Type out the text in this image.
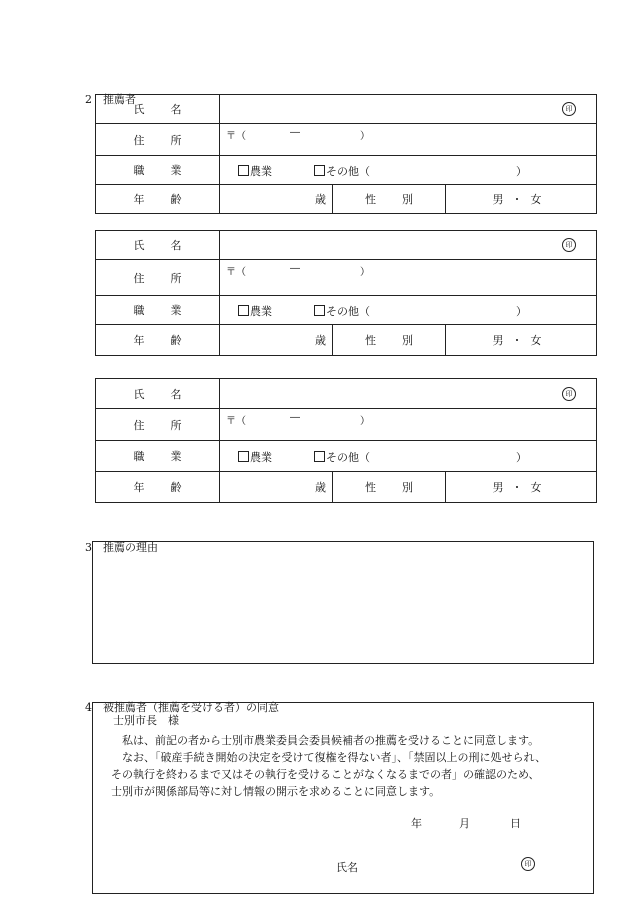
2　 推薦者

氏名	印		

住所	〒（ ― ）		

職業	農業 その他（ ）		

年齢	歳	性別	男・女
氏名	印		

住所	〒（ ― ）		

職業	農業 その他（ ）		

年齢	歳	性別	男・女
氏名	印		

住所	〒（ ― ）		

職業	農業 その他（ ）		

年齢	歳	性別	男・女

3　 推薦の理由

4　 被推薦者（推薦を受ける者）の同意

士別市長　様
私は、前記の者から士別市農業委員会委員候補者の推薦を受けることに同意します。
なお、「破産手続き開始の決定を受けて復権を得ない者」、「禁固以上の刑に処せられ、
その執行を終わるまで又はその執行を受けることがなくなるまでの者」の確認のため、
士別市が関係部局等に対し情報の開示を求めることに同意します。
年	月	日
氏名	印
